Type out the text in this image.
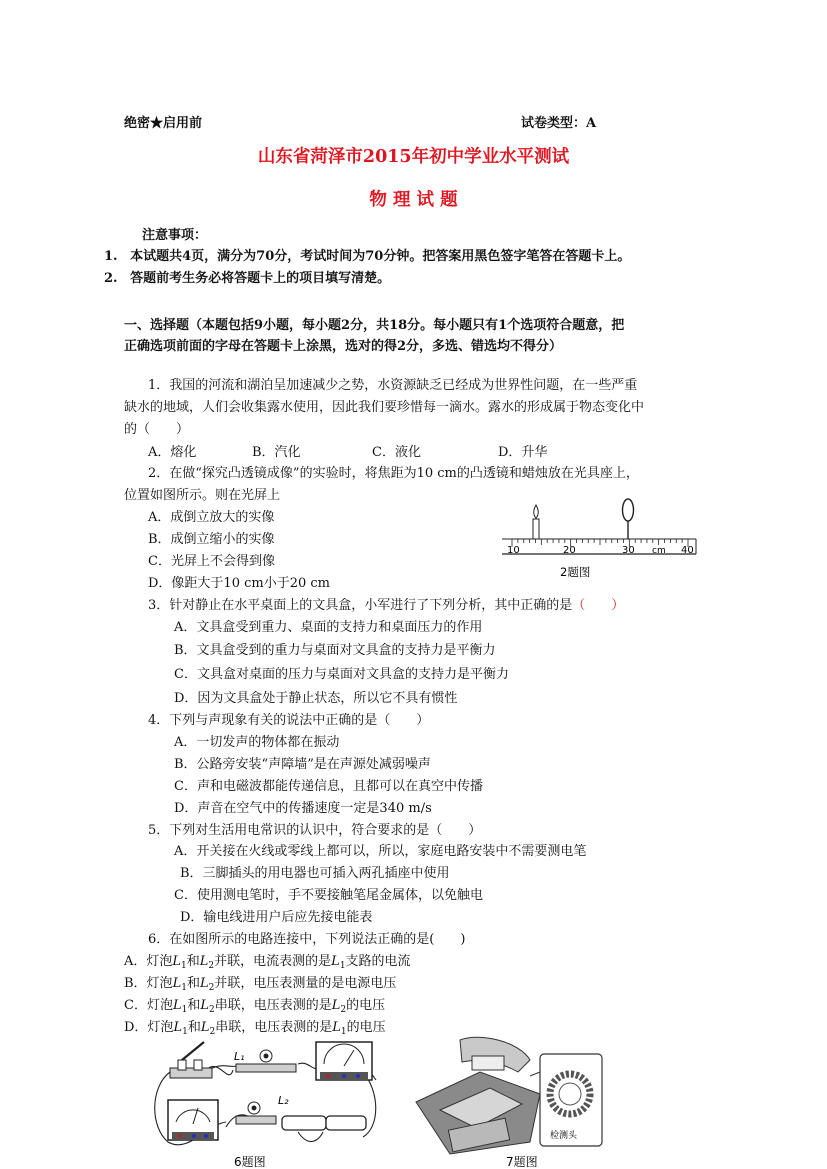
绝密★启用前	试卷类型：A
山东省菏泽市2015年初中学业水平测试
物 理 试 题
注意事项：
1. 本试题共4页，满分为70分，考试时间为70分钟。把答案用黑色签字笔答在答题卡上。
2. 答题前考生务必将答题卡上的项目填写清楚。
一、选择题（本题包括9小题，每小题2分，共18分。每小题只有1个选项符合题意，把
正确选项前面的字母在答题卡上涂黑，选对的得2分，多选、错选均不得分）
1．我国的河流和湖泊呈加速减少之势，水资源缺乏已经成为世界性问题，在一些严重
缺水的地域，人们会收集露水使用，因此我们要珍惜每一滴水。露水的形成属于物态变化中
的（　　）
A．熔化	B．汽化	C．液化	D．升华
2．在做“探究凸透镜成像”的实验时，将焦距为10 cm的凸透镜和蜡烛放在光具座上，
位置如图所示。则在光屏上
A．成倒立放大的实像
B．成倒立缩小的实像
C．光屏上不会得到像
D．像距大于10 cm小于20 cm
10	20	30 cm 40
2题图
3．针对静止在水平桌面上的文具盒，小军进行了下列分析，其中正确的是（　　）
A．文具盒受到重力、桌面的支持力和桌面压力的作用
B．文具盒受到的重力与桌面对文具盒的支持力是平衡力
C．文具盒对桌面的压力与桌面对文具盒的支持力是平衡力
D．因为文具盒处于静止状态，所以它不具有惯性
4．下列与声现象有关的说法中正确的是（　　）
A．一切发声的物体都在振动
B．公路旁安装“声障墙”是在声源处减弱噪声
C．声和电磁波都能传递信息，且都可以在真空中传播
D．声音在空气中的传播速度一定是340 m/s
5．下列对生活用电常识的认识中，符合要求的是（　　）
A．开关接在火线或零线上都可以，所以，家庭电路安装中不需要测电笔
B．三脚插头的用电器也可插入两孔插座中使用
C．使用测电笔时，手不要接触笔尾金属体，以免触电
D．输电线进用户后应先接电能表
6．在如图所示的电路连接中，下列说法正确的是(　　)
A．灯泡$L_1$和$L_2$并联，电流表测的是$L_1$支路的电流
B．灯泡$L_1$和$L_2$并联，电压表测量的是电源电压
C．灯泡$L_1$和$L_2$串联，电压表测的是$L_2$的电压
D．灯泡$L_1$和$L_2$串联，电压表测的是$L_1$的电压
L₁
L₂
6题图
检测头
7题图
